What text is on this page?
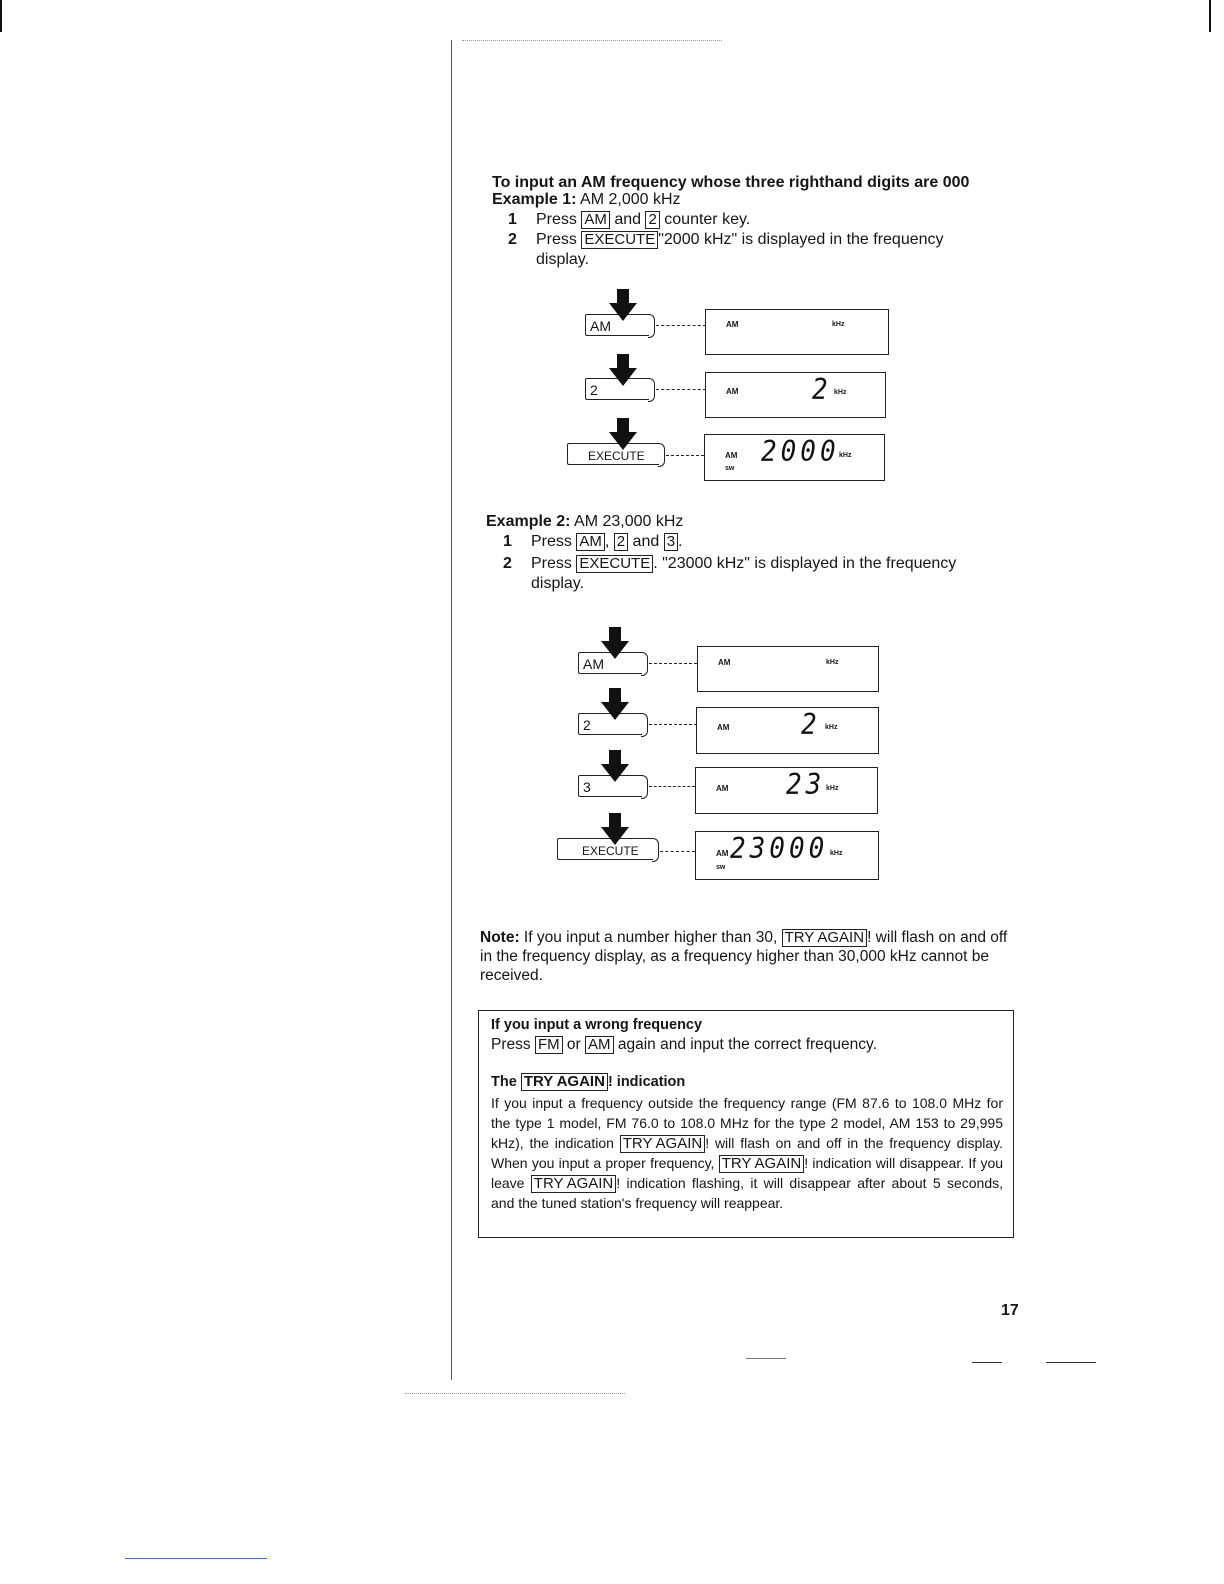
To input an AM frequency whose three righthand digits are 000
Example 1: AM 2,000 kHz
1 Press AM and 2 counter key.
2 Press EXECUTE "2000 kHz" is displayed in the frequency
display.
AM	AM	kHz
2	AM	2 kHz
EXECUTE	AM 2000 kHz
sw
Example 2: AM 23,000 kHz
1 Press AM , 2 and 3 .
2 Press EXECUTE . "23000 kHz" is displayed in the frequency
display.
AM	AM	kHz
2	AM	2 kHz
3	AM 23 kHz
EXECUTE	AM 23000 kHz
sw
Note: If you input a number higher than 30, TRY AGAIN ! will flash on and off in the frequency display, as a frequency higher than 30,000 kHz cannot be received.
If you input a wrong frequency
Press FM or AM again and input the correct frequency.
The TRY AGAIN ! indication
If you input a frequency outside the frequency range (FM 87.6 to 108.0 MHz for the type 1 model, FM 76.0 to 108.0 MHz for the type 2 model, AM 153 to 29,995 kHz), the indication TRY AGAIN ! will flash on and off in the frequency display. When you input a proper frequency, TRY AGAIN ! indication will disappear. If you leave TRY AGAIN ! indication flashing, it will disappear after about 5 seconds, and the tuned station's frequency will reappear.
17
